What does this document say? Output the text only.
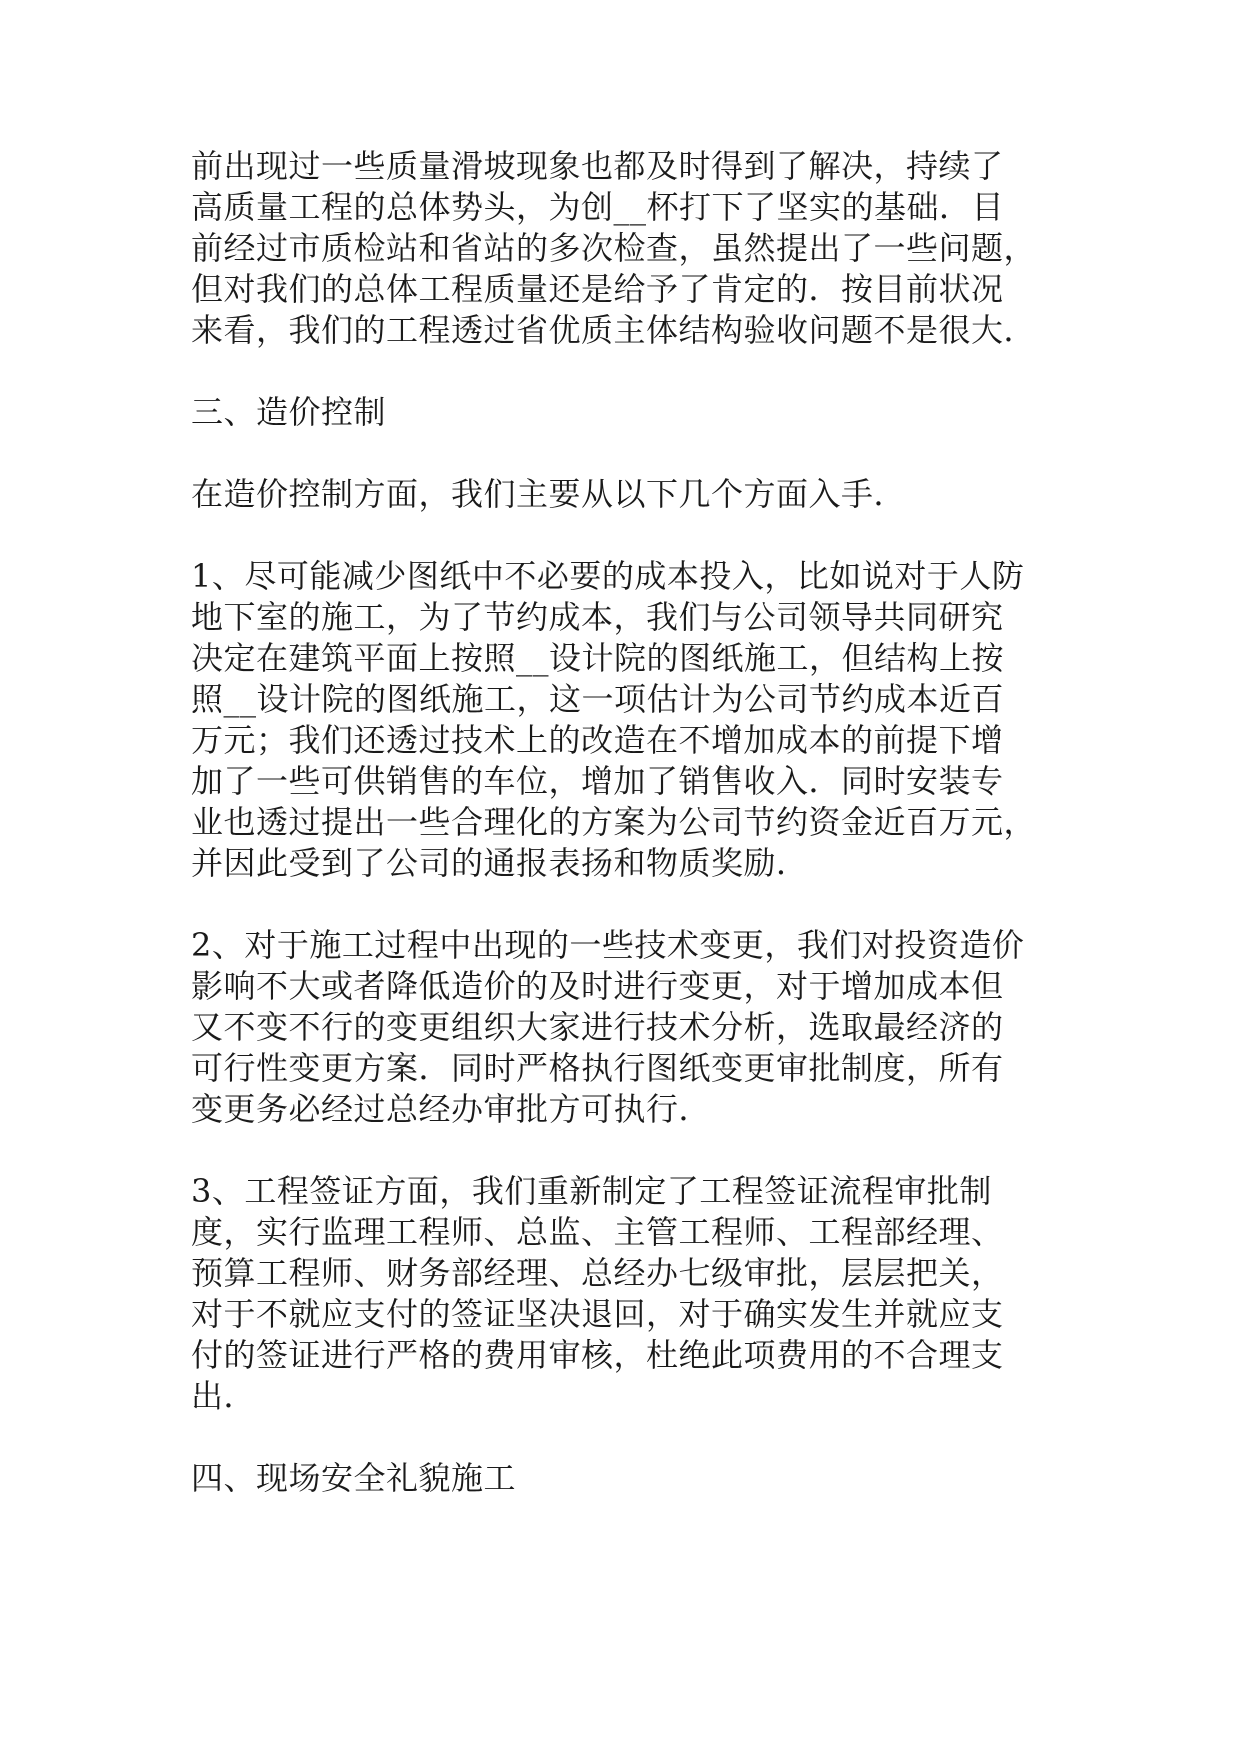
前出现过一些质量滑坡现象也都及时得到了解决，持续了
高质量工程的总体势头，为创__杯打下了坚实的基础．目
前经过市质检站和省站的多次检查，虽然提出了一些问题，
但对我们的总体工程质量还是给予了肯定的．按目前状况
来看，我们的工程透过省优质主体结构验收问题不是很大．
三、造价控制
在造价控制方面，我们主要从以下几个方面入手．
1、尽可能减少图纸中不必要的成本投入，比如说对于人防
地下室的施工，为了节约成本，我们与公司领导共同研究
决定在建筑平面上按照__设计院的图纸施工，但结构上按
照__设计院的图纸施工，这一项估计为公司节约成本近百
万元；我们还透过技术上的改造在不增加成本的前提下增
加了一些可供销售的车位，增加了销售收入．同时安装专
业也透过提出一些合理化的方案为公司节约资金近百万元，
并因此受到了公司的通报表扬和物质奖励．
2、对于施工过程中出现的一些技术变更，我们对投资造价
影响不大或者降低造价的及时进行变更，对于增加成本但
又不变不行的变更组织大家进行技术分析，选取最经济的
可行性变更方案．同时严格执行图纸变更审批制度，所有
变更务必经过总经办审批方可执行．
3、工程签证方面，我们重新制定了工程签证流程审批制
度，实行监理工程师、总监、主管工程师、工程部经理、
预算工程师、财务部经理、总经办七级审批，层层把关，
对于不就应支付的签证坚决退回，对于确实发生并就应支
付的签证进行严格的费用审核，杜绝此项费用的不合理支
出．
四、现场安全礼貌施工
